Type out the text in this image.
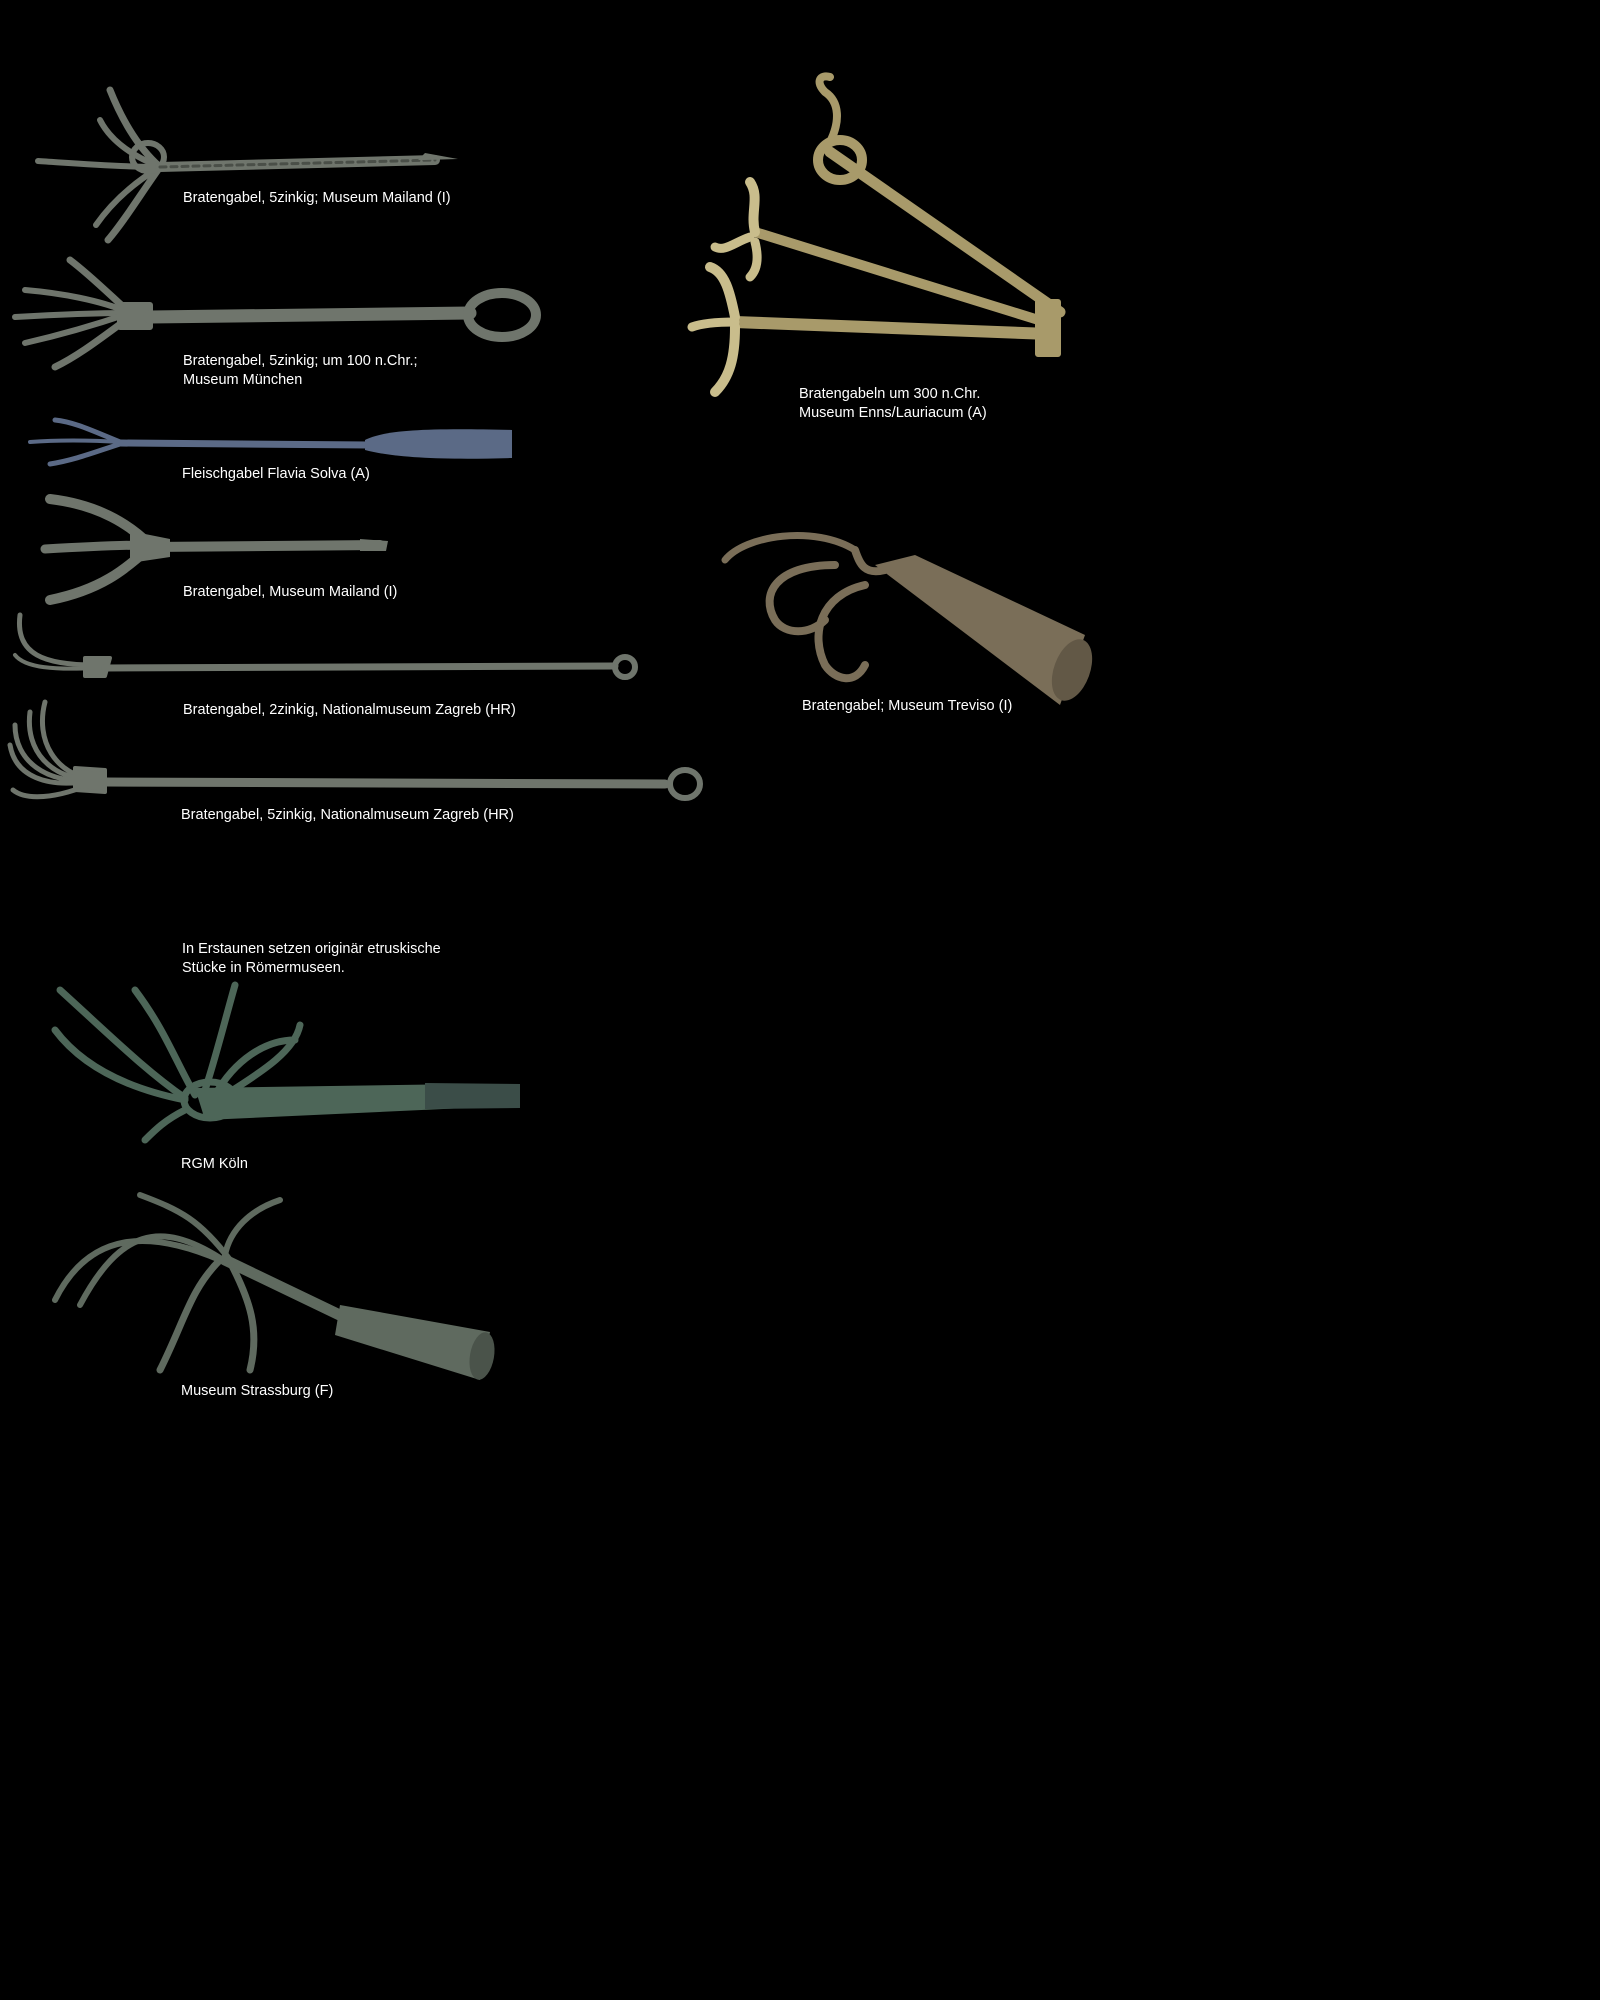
Bratengabel, 5zinkig; Museum Mailand (I)
Bratengabel, 5zinkig; um 100 n.Chr.;
Museum München
Fleischgabel Flavia Solva (A)
Bratengabel, Museum Mailand (I)
Bratengabel, 2zinkig, Nationalmuseum Zagreb (HR)
Bratengabel, 5zinkig, Nationalmuseum Zagreb (HR)
Bratengabeln um 300 n.Chr.
Museum Enns/Lauriacum (A)
Bratengabel; Museum Treviso (I)
In Erstaunen setzen originär etruskische
Stücke in Römermuseen.
RGM Köln
Museum Strassburg (F)
